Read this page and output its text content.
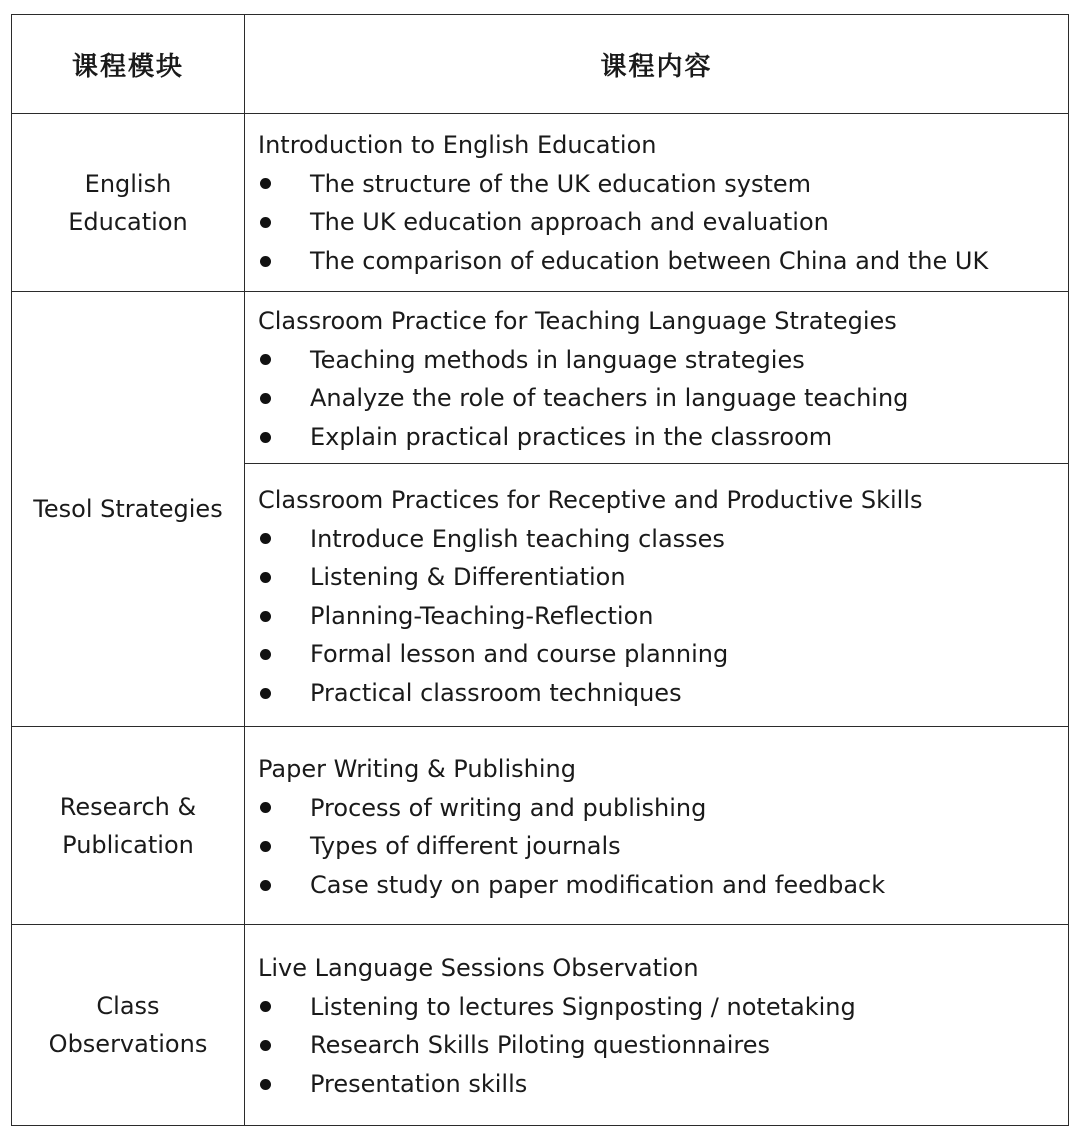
课程模块	课程内容
English Education
Introduction to English Education
The structure of the UK education system
The UK education approach and evaluation
The comparison of education between China and the UK
Tesol Strategies
Classroom Practice for Teaching Language Strategies
Teaching methods in language strategies
Analyze the role of teachers in language teaching
Explain practical practices in the classroom
Classroom Practices for Receptive and Productive Skills
Introduce English teaching classes
Listening & Differentiation
Planning-Teaching-Reflection
Formal lesson and course planning
Practical classroom techniques
Research & Publication
Paper Writing & Publishing
Process of writing and publishing
Types of different journals
Case study on paper modification and feedback
Class Observations
Live Language Sessions Observation
Listening to lectures Signposting / notetaking
Research Skills Piloting questionnaires
Presentation skills
